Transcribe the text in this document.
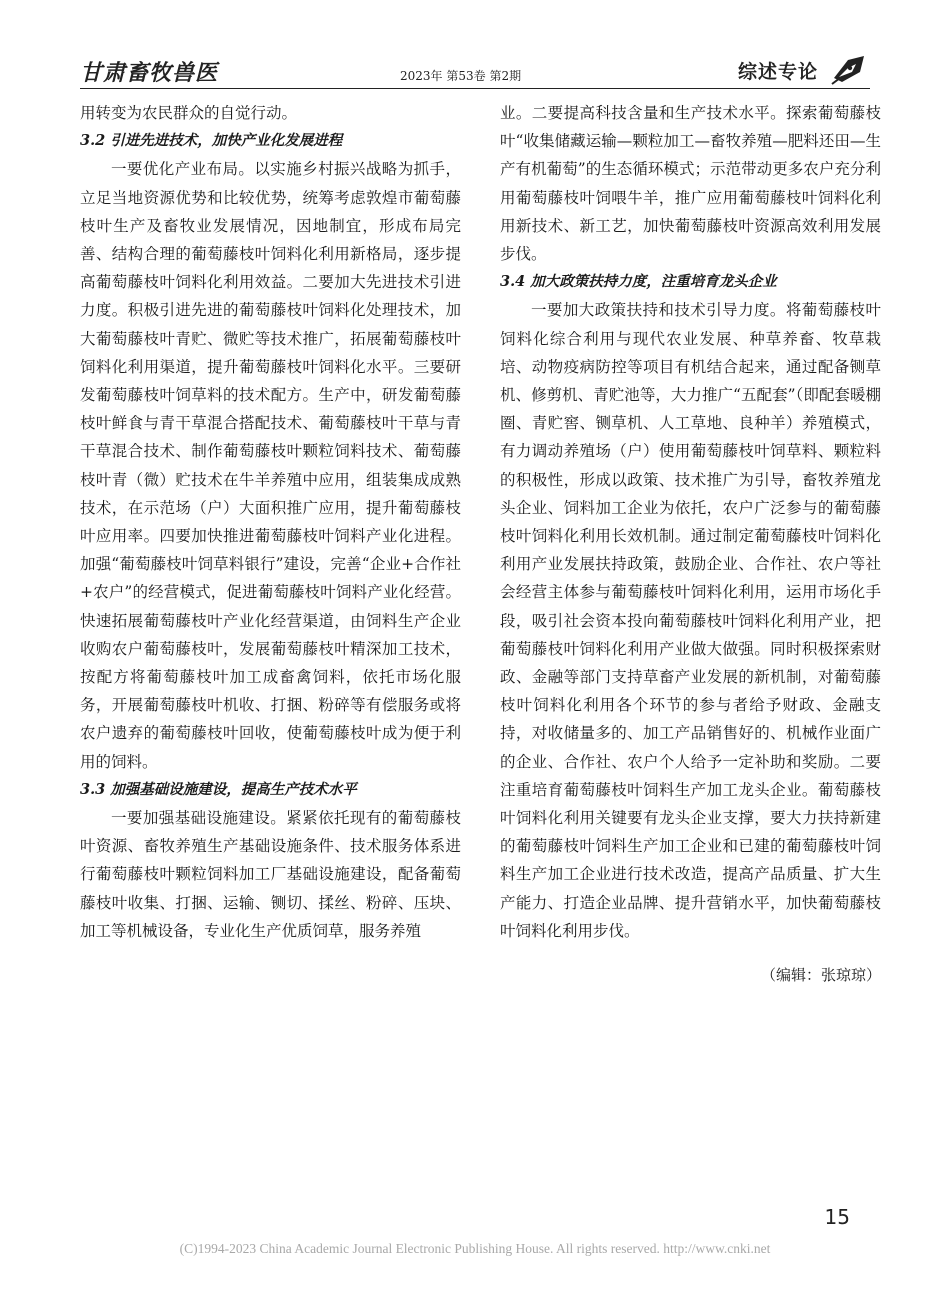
甘肃畜牧兽医	2023年 第53卷 第2期	综述专论

用转变为农民群众的自觉行动。

3.2 引进先进技术，加快产业化发展进程

一要优化产业布局。以实施乡村振兴战略为抓手，立足当地资源优势和比较优势，统筹考虑敦煌市葡萄藤枝叶生产及畜牧业发展情况，因地制宜，形成布局完善、结构合理的葡萄藤枝叶饲料化利用新格局，逐步提高葡萄藤枝叶饲料化利用效益。二要加大先进技术引进力度。积极引进先进的葡萄藤枝叶饲料化处理技术，加大葡萄藤枝叶青贮、微贮等技术推广，拓展葡萄藤枝叶饲料化利用渠道，提升葡萄藤枝叶饲料化水平。三要研发葡萄藤枝叶饲草料的技术配方。生产中，研发葡萄藤枝叶鲜食与青干草混合搭配技术、葡萄藤枝叶干草与青干草混合技术、制作葡萄藤枝叶颗粒饲料技术、葡萄藤枝叶青（微）贮技术在牛羊养殖中应用，组装集成成熟技术，在示范场（户）大面积推广应用，提升葡萄藤枝叶应用率。四要加快推进葡萄藤枝叶饲料产业化进程。加强“葡萄藤枝叶饲草料银行”建设，完善“企业+合作社+农户”的经营模式，促进葡萄藤枝叶饲料产业化经营。快速拓展葡萄藤枝叶产业化经营渠道，由饲料生产企业收购农户葡萄藤枝叶，发展葡萄藤枝叶精深加工技术，按配方将葡萄藤枝叶加工成畜禽饲料，依托市场化服务，开展葡萄藤枝叶机收、打捆、粉碎等有偿服务或将农户遗弃的葡萄藤枝叶回收，使葡萄藤枝叶成为便于利用的饲料。

3.3 加强基础设施建设，提高生产技术水平

一要加强基础设施建设。紧紧依托现有的葡萄藤枝叶资源、畜牧养殖生产基础设施条件、技术服务体系进行葡萄藤枝叶颗粒饲料加工厂基础设施建设，配备葡萄藤枝叶收集、打捆、运输、铡切、揉丝、粉碎、压块、加工等机械设备，专业化生产优质饲草，服务养殖

业。二要提高科技含量和生产技术水平。探索葡萄藤枝叶“收集储藏运输—颗粒加工—畜牧养殖—肥料还田—生产有机葡萄”的生态循环模式；示范带动更多农户充分利用葡萄藤枝叶饲喂牛羊，推广应用葡萄藤枝叶饲料化利用新技术、新工艺，加快葡萄藤枝叶资源高效利用发展步伐。

3.4 加大政策扶持力度，注重培育龙头企业

一要加大政策扶持和技术引导力度。将葡萄藤枝叶饲料化综合利用与现代农业发展、种草养畜、牧草栽培、动物疫病防控等项目有机结合起来，通过配备铡草机、修剪机、青贮池等，大力推广“五配套”（即配套暖棚圈、青贮窖、铡草机、人工草地、良种羊）养殖模式，有力调动养殖场（户）使用葡萄藤枝叶饲草料、颗粒料的积极性，形成以政策、技术推广为引导，畜牧养殖龙头企业、饲料加工企业为依托，农户广泛参与的葡萄藤枝叶饲料化利用长效机制。通过制定葡萄藤枝叶饲料化利用产业发展扶持政策，鼓励企业、合作社、农户等社会经营主体参与葡萄藤枝叶饲料化利用，运用市场化手段，吸引社会资本投向葡萄藤枝叶饲料化利用产业，把葡萄藤枝叶饲料化利用产业做大做强。同时积极探索财政、金融等部门支持草畜产业发展的新机制，对葡萄藤枝叶饲料化利用各个环节的参与者给予财政、金融支持，对收储量多的、加工产品销售好的、机械作业面广的企业、合作社、农户个人给予一定补助和奖励。二要注重培育葡萄藤枝叶饲料生产加工龙头企业。葡萄藤枝叶饲料化利用关键要有龙头企业支撑，要大力扶持新建的葡萄藤枝叶饲料生产加工企业和已建的葡萄藤枝叶饲料生产加工企业进行技术改造，提高产品质量、扩大生产能力、打造企业品牌、提升营销水平，加快葡萄藤枝叶饲料化利用步伐。

（编辑：张琼琼）

15
(C)1994-2023 China Academic Journal Electronic Publishing House. All rights reserved. http://www.cnki.net
